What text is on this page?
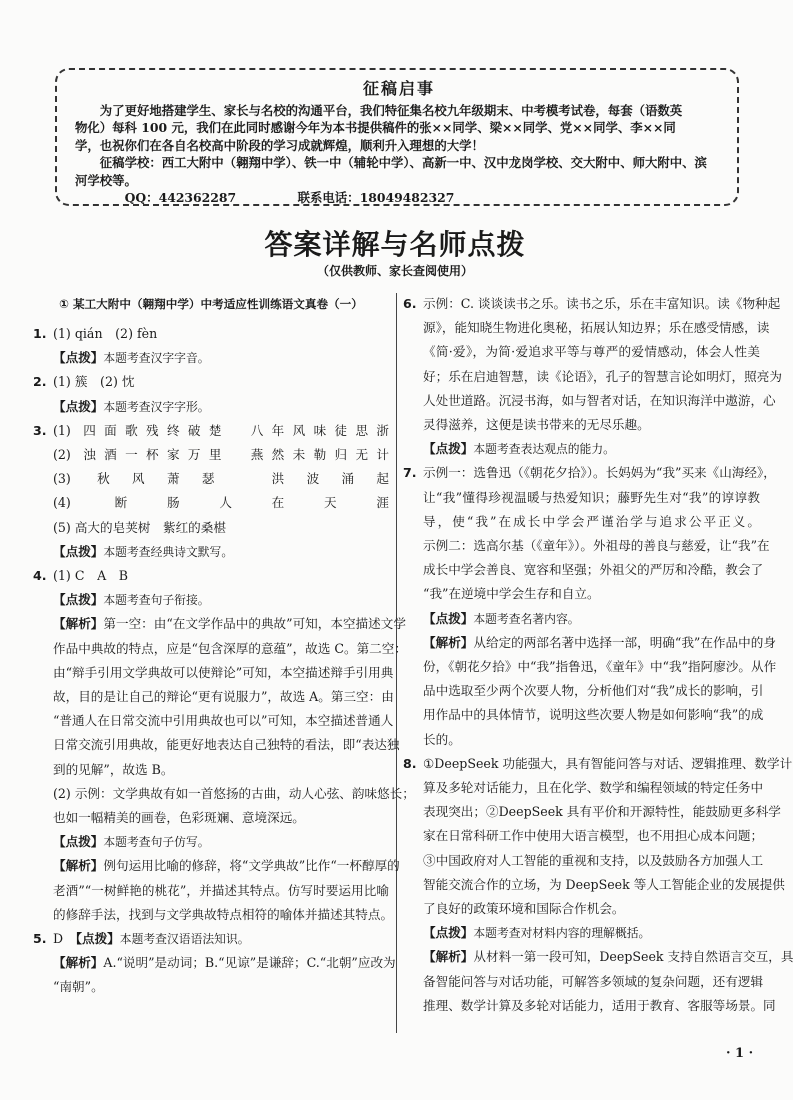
征稿启事

为了更好地搭建学生、家长与名校的沟通平台，我们特征集名校九年级期末、中考模考试卷，每套（语数英

物化）每科 100 元，我们在此同时感谢今年为本书提供稿件的张××同学、梁××同学、党××同学、李××同

学，也祝你们在各自名校高中阶段的学习成就辉煌，顺利升入理想的大学！

征稿学校：西工大附中（翱翔中学）、铁一中（辅轮中学）、高新一中、汉中龙岗学校、交大附中、师大附中、滨

河学校等。

QQ：442362287	联系电话：18049482327
答案详解与名师点拨
（仅供教师、家长查阅使用）
① 某工大附中（翱翔中学）中考适应性训练语文真卷（一）
1. (1) qián　(2) fèn
【点拨】本题考查汉字字音。
2. (1) 簇　(2) 忱
【点拨】本题考查汉字字形。
3. (1) 四面歌残终破楚　八年风味徒思浙
(2) 浊酒一杯家万里　燕然未勒归无计
(3) 秋风萧瑟　洪波涌起
(4) 断肠人在天涯
(5) 高大的皂荚树　紫红的桑椹
【点拨】本题考查经典诗文默写。
4. (1) C　A　B
【点拨】本题考查句子衔接。
【解析】第一空：由“在文学作品中的典故”可知，本空描述文学
作品中典故的特点，应是“包含深厚的意蕴”，故选 C。第二空：
由“辩手引用文学典故可以使辩论”可知，本空描述辩手引用典
故，目的是让自己的辩论“更有说服力”，故选 A。第三空：由
“普通人在日常交流中引用典故也可以”可知，本空描述普通人
日常交流引用典故，能更好地表达自己独特的看法，即“表达独
到的见解”，故选 B。
(2) 示例：文学典故有如一首悠扬的古曲，动人心弦、韵味悠长；
也如一幅精美的画卷，色彩斑斓、意境深远。
【点拨】本题考查句子仿写。
【解析】例句运用比喻的修辞，将“文学典故”比作“一杯醇厚的
老酒”“一树鲜艳的桃花”，并描述其特点。仿写时要运用比喻
的修辞手法，找到与文学典故特点相符的喻体并描述其特点。
5. D　【点拨】本题考查汉语语法知识。
【解析】A.“说明”是动词；B.“见谅”是谦辞；C.“北朝”应改为
“南朝”。
6. 示例：C. 谈谈读书之乐。读书之乐，乐在丰富知识。读《物种起
源》，能知晓生物进化奥秘，拓展认知边界；乐在感受情感，读
《简·爱》，为简·爱追求平等与尊严的爱情感动，体会人性美
好；乐在启迪智慧，读《论语》，孔子的智慧言论如明灯，照亮为
人处世道路。沉浸书海，如与智者对话，在知识海洋中遨游，心
灵得滋养，这便是读书带来的无尽乐趣。
【点拨】本题考查表达观点的能力。
7. 示例一：选鲁迅（《朝花夕拾》）。长妈妈为“我”买来《山海经》，
让“我”懂得珍视温暖与热爱知识；藤野先生对“我”的谆谆教
导，使“我”在成长中学会严谨治学与追求公平正义。
示例二：选高尔基（《童年》）。外祖母的善良与慈爱，让“我”在
成长中学会善良、宽容和坚强；外祖父的严厉和冷酷，教会了
“我”在逆境中学会生存和自立。
【点拨】本题考查名著内容。
【解析】从给定的两部名著中选择一部，明确“我”在作品中的身
份，《朝花夕拾》中“我”指鲁迅，《童年》中“我”指阿廖沙。从作
品中选取至少两个次要人物，分析他们对“我”成长的影响，引
用作品中的具体情节，说明这些次要人物是如何影响“我”的成
长的。
8. ①DeepSeek 功能强大，具有智能问答与对话、逻辑推理、数学计
算及多轮对话能力，且在化学、数学和编程领域的特定任务中
表现突出；②DeepSeek 具有平价和开源特性，能鼓励更多科学
家在日常科研工作中使用大语言模型，也不用担心成本问题；
③中国政府对人工智能的重视和支持，以及鼓励各方加强人工
智能交流合作的立场，为 DeepSeek 等人工智能企业的发展提供
了良好的政策环境和国际合作机会。
【点拨】本题考查对材料内容的理解概括。
【解析】从材料一第一段可知，DeepSeek 支持自然语言交互，具
备智能问答与对话功能，可解答多领域的复杂问题，还有逻辑
推理、数学计算及多轮对话能力，适用于教育、客服等场景。同
· 1 ·
